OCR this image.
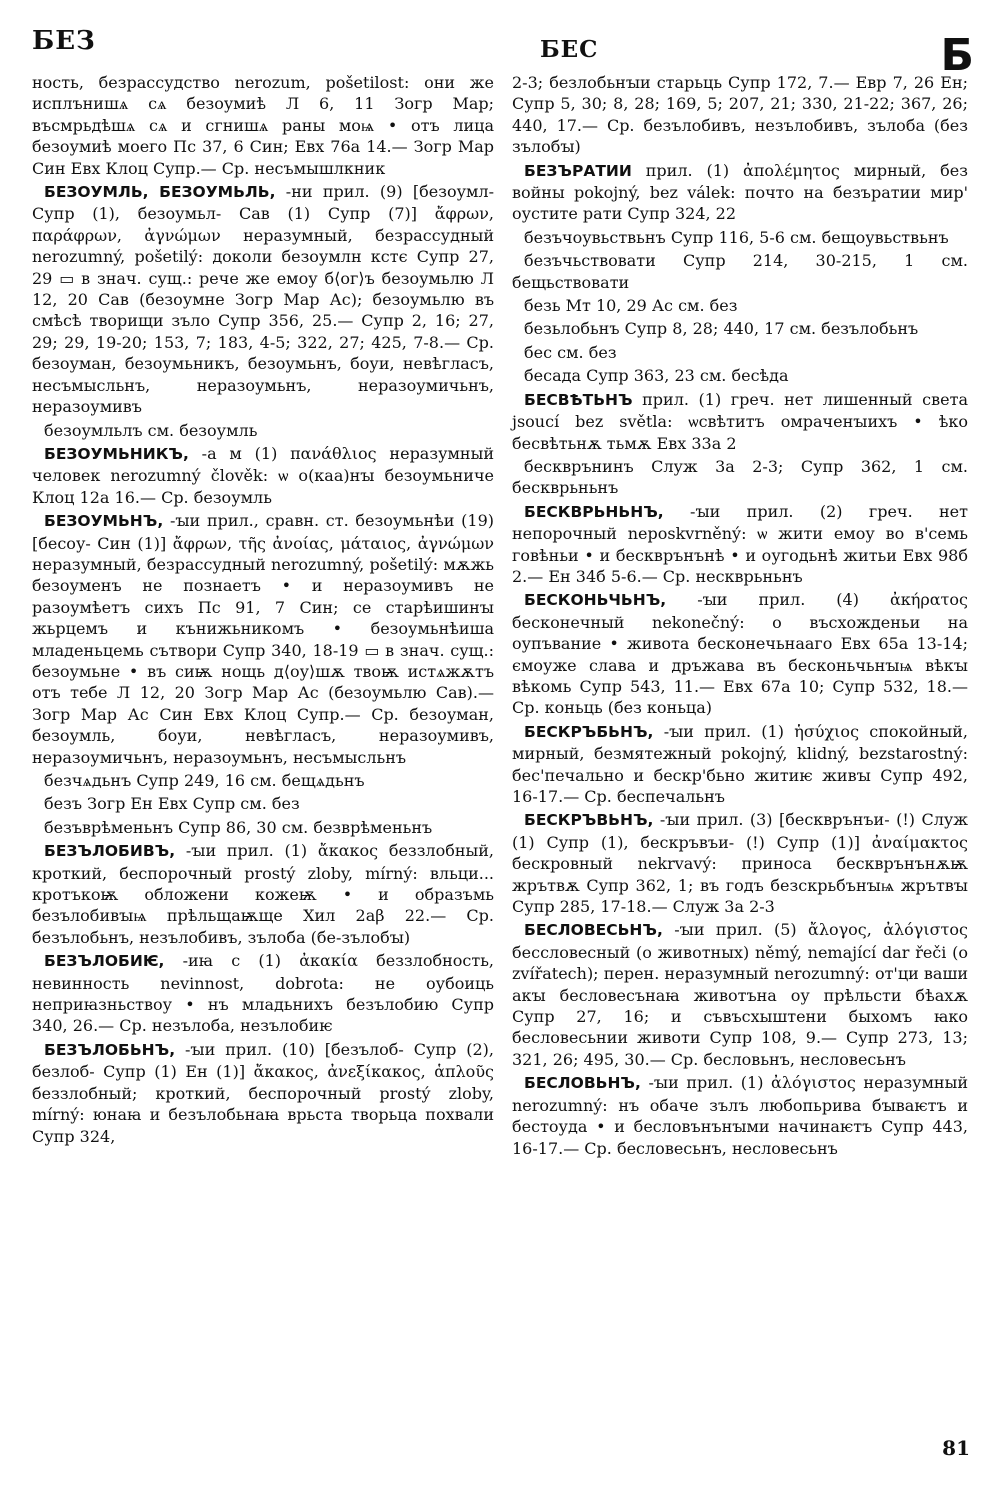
БЕЗ	БЕС	Б

ность, безрассудство nerozum, pošetilost: они же исплънишѧ сѧ безоумиѣ Л 6, 11 Зогр Мар; въсмрьдѣшѧ сѧ и сгнишѧ раны моѩ • отъ лица безоумиѣ моего Пс 37, 6 Син; Евх 76а 14.— Зогр Мар Син Евх Клоц Супр.— Ср. несъмышлкник

БЕЗОУМЛЬ, БЕЗОУМЬЛЬ, -ни прил. (9) [безоумл- Супр (1), безоумьл- Сав (1) Супр (7)] ἄφρων, παράφρων, ἀγνώμων неразумный, безрассудный nerozumný, pošetilý: доколи безоумлн кстє Супр 27, 29 ▭ в знач. сущ.: рече же емоу б⟨ог⟩ъ безоумьлю Л 12, 20 Сав (безоумне Зогр Мар Ас); безоумьлю въ смѣсѣ творищи зъло Супр 356, 25.— Супр 2, 16; 27, 29; 29, 19-20; 153, 7; 183, 4-5; 322, 27; 425, 7-8.— Ср. безоуман, безоумьникъ, безоумьнъ, боуи, невѣгласъ, несъмысльнъ, неразоумьнъ, неразоумичьнъ, неразоумивъ

безоумльлъ см. безоумль

БЕЗОУМЬНИКЪ, -а м (1) πανάθλιος неразумный человек nerozumný člověk: ѡ о(каа)нꙑ безоумьниче Клоц 12а 16.— Ср. безоумль

БЕЗОУМЬНЪ, -ꙑи прил., сравн. ст. безоумьнѣи (19) [бесоу- Син (1)] ἄφρων, τῆς ἀνοίας, μάταιος, ἀγνώμων неразумный, безрассудный nerozumný, pošetilý: мѫжь безоуменъ не познаетъ • и неразоумивъ не разоумѣетъ сихъ Пс 91, 7 Син; се старѣишинꙑ жьрцемъ и кънижьникомъ • безоумьнѣиша младеньцемь сътвори Супр 340, 18-19 ▭ в знач. сущ.: безоумьне • въ сиѭ нощь д⟨оу⟩шѫ твоѭ истѧжѫтъ отъ тебе Л 12, 20 Зогр Мар Ас (безоумьлю Сав).— Зогр Мар Ас Син Евх Клоц Супр.— Ср. безоуман, безоумль, боуи, невѣгласъ, неразоумивъ, неразоумичьнъ, неразоумьнъ, несъмысльнъ

безчѧдьнъ Супр 249, 16 см. бещѧдьнъ

безъ Зогр Ен Евх Супр см. без

безъврѣменьнъ Супр 86, 30 см. безврѣменьнъ

БЕЗЪЛОБИВЪ, -ꙑи прил. (1) ἄκακος беззлобный, кроткий, беспорочный prostý zloby, mírný: вльци... кротъкоѭ обложени кожеѭ • и образъмь безълобивꙑѩ прѣльщаѭще Хил 2аβ 22.— Ср. безълобьнъ, незълобивъ, зълоба (бе-зълобꙑ)

БЕЗЪЛОБИѤ, -иꙗ с (1) ἀκακία беззлобность, невинность nevinnost, dobrota: не оубоиць неприꙗзньствоу • нъ младьнихъ безълобию Супр 340, 26.— Ср. незълоба, незълобиѥ

БЕЗЪЛОБЬНЪ, -ꙑи прил. (10) [безълоб- Супр (2), безлоб- Супр (1) Ен (1)] ἄκακος, ἀνεξίκακος, ἁπλοῦς беззлобный; кроткий, беспорочный prostý zloby, mírný: юнаꙗ и безълобьнаꙗ врьста творьца похвали Супр 324,

2-3; безлобьнꙑи старьць Супр 172, 7.— Евр 7, 26 Ен; Супр 5, 30; 8, 28; 169, 5; 207, 21; 330, 21-22; 367, 26; 440, 17.— Ср. безълобивъ, незълобивъ, зълоба (без зълобꙑ)

БЕЗЪРАТИИ прил. (1) ἀπολέμητος мирный, без войны pokojný, bez válek: почто на безъратии мир' оустите рати Супр 324, 22

безъчоувьствьнъ Супр 116, 5-6 см. бещоувьствьнъ

безъчьствовати Супр 214, 30-215, 1 см. бещьствовати

безь Мт 10, 29 Ас см. без

безьлобьнъ Супр 8, 28; 440, 17 см. безълобьнъ

бес см. без

бесада Супр 363, 23 см. бесѣда

БЕСВѢТЬНЪ прил. (1) греч. нет лишенный света jsoucí bez světla: ѡсвѣтитъ омраченꙑихъ • ѣко бесвѣтьнѫ тьмѫ Евх 33а 2

бескврънинъ Служ 3а 2-3; Супр 362, 1 см. бескврьньнъ

БЕСКВРЬНЬНЪ, -ꙑи прил. (2) греч. нет непорочный neposkvrněný: ѡ жити емоу во в'семь говѣньи • и бескврънънѣ • и оугодьнѣ житьи Евх 98б 2.— Ен 34б 5-6.— Ср. нескврьньнъ

БЕСКОНЬЧЬНЪ, -ꙑи прил. (4) ἀκήρατος бесконечный nekonečný: о въсхожденьи на оупъвание • живота бесконечьнааго Евх 65а 13-14; ємоуже слава и дръжава въ бесконьчьнꙑѩ вѣкꙑ вѣкомь Супр 543, 11.— Евх 67а 10; Супр 532, 18.— Ср. коньць (без коньца)

БЕСКРЪБЬНЪ, -ꙑи прил. (1) ἡσύχιος спокойный, мирный, безмятежный pokojný, klidný, bezstarostný: бес'печально и бескр'бьно житиѥ живꙑ Супр 492, 16-17.— Ср. беспечальнъ

БЕСКРЪВЬНЪ, -ꙑи прил. (3) [бескврънъи- (!) Служ (1) Супр (1), бескръвъи- (!) Супр (1)] ἀναίμακτος бескровный nekrvavý: приноса бескврънънѫѭ жрътвѫ Супр 362, 1; въ годъ безскрьбънꙑѩ жрътвꙑ Супр 285, 17-18.— Служ 3а 2-3

БЕСЛОВЕСЬНЪ, -ꙑи прил. (5) ἄλογος, ἀλόγιστος бессловесный (о животных) němý, nemající dar řeči (o zvířatech); перен. неразумный nerozumný: от'ци ваши акꙑ бесловесънаꙗ животъна оу прѣльсти бѣахѫ Супр 27, 16; и съвъсхыштени быхомъ ꙗко бесловесьнии животи Супр 108, 9.— Супр 273, 13; 321, 26; 495, 30.— Ср. бесловьнъ, несловесьнъ

БЕСЛОВЬНЪ, -ꙑи прил. (1) ἀλόγιστος неразумный nerozumný: нъ обаче зълъ любопьрива бꙑваѥтъ и бестоуда • и бесловънънꙑми начинаѥтъ Супр 443, 16-17.— Ср. бесловесьнъ, несловесьнъ

81
